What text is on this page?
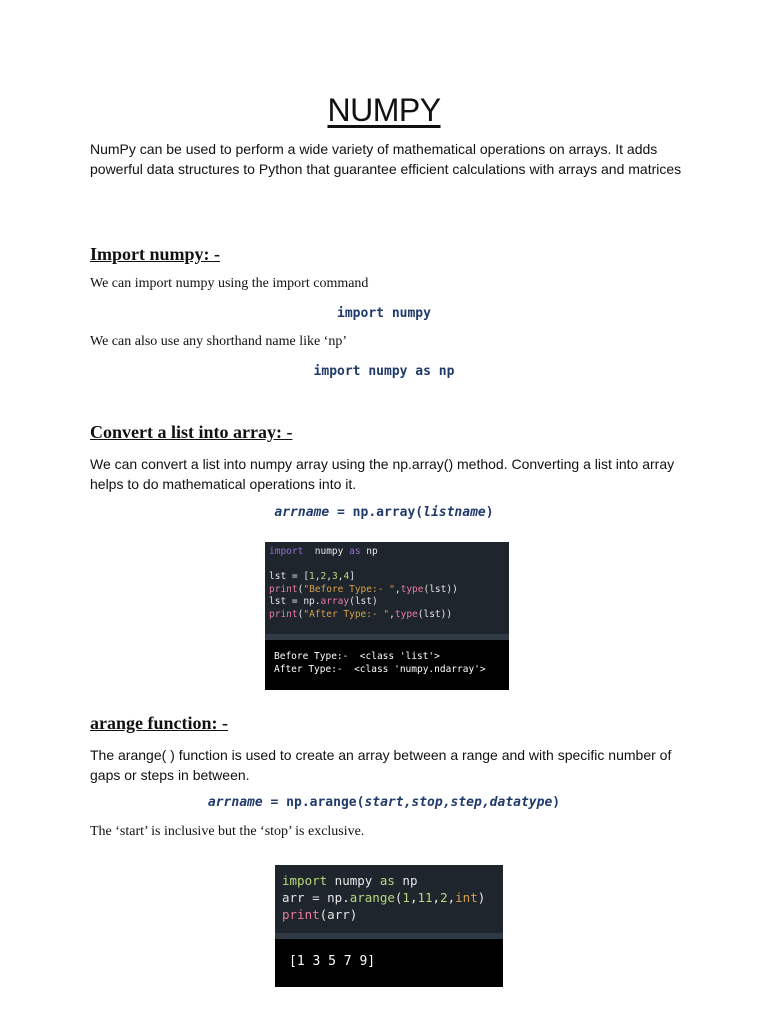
NUMPY
NumPy can be used to perform a wide variety of mathematical operations on arrays. It adds powerful data structures to Python that guarantee efficient calculations with arrays and matrices
Import numpy: -
We can import numpy using the import command
import numpy
We can also use any shorthand name like ‘np’
import numpy as np
Convert a list into array: -
We can convert a list into numpy array using the np.array() method. Converting a list into array helps to do mathematical operations into it.
arrname = np.array(listname)
import  numpy as np

lst = [1,2,3,4]
print("Before Type:- ",type(lst))
lst = np.array(lst)
print("After Type:- ",type(lst))
Before Type:-  <class 'list'>
After Type:-  <class 'numpy.ndarray'>
arange function: -
The arange( ) function is used to create an array between a range and with specific number of gaps or steps in between.
arrname = np.arange(start,stop,step,datatype)
The ‘start’ is inclusive but the ‘stop’ is exclusive.
import numpy as np
arr = np.arange(1,11,2,int)
print(arr)
[1 3 5 7 9]
